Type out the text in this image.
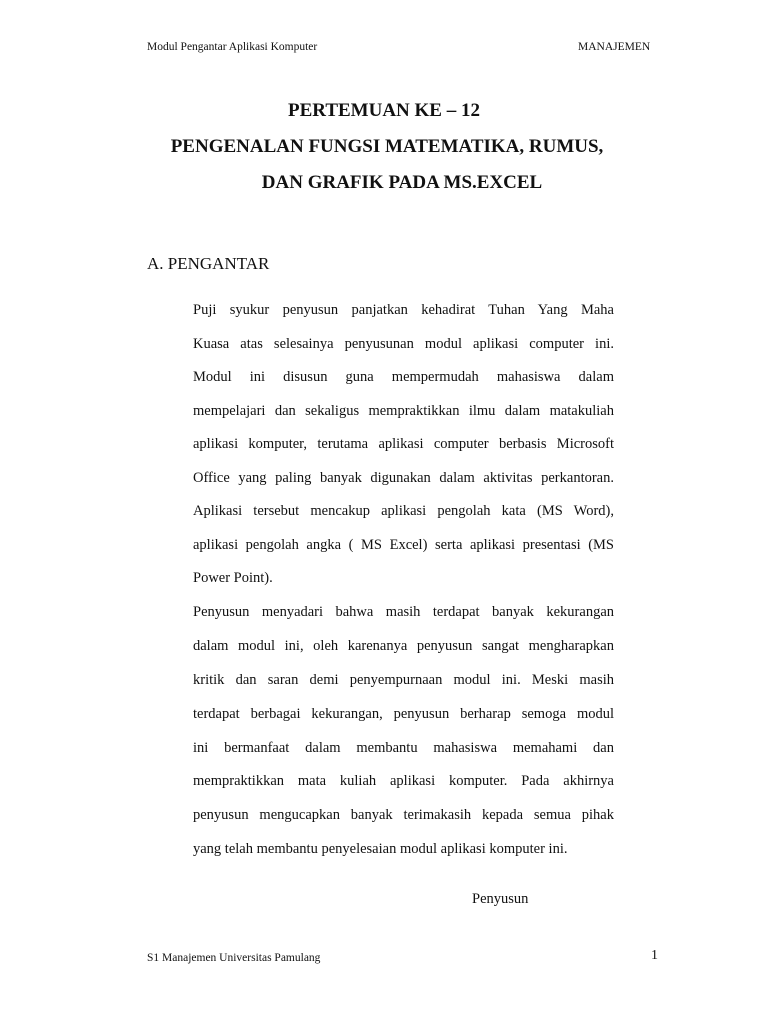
Modul Pengantar Aplikasi Komputer	MANAJEMEN
PERTEMUAN KE – 12
PENGENALAN FUNGSI MATEMATIKA, RUMUS,
DAN GRAFIK PADA MS.EXCEL
A. PENGANTAR
Puji syukur penyusun panjatkan kehadirat Tuhan Yang Maha
Kuasa atas selesainya penyusunan modul aplikasi computer ini.
Modul ini disusun guna mempermudah mahasiswa dalam
mempelajari dan sekaligus mempraktikkan ilmu dalam matakuliah
aplikasi komputer, terutama aplikasi computer berbasis Microsoft
Office yang paling banyak digunakan dalam aktivitas perkantoran.
Aplikasi tersebut mencakup aplikasi pengolah kata (MS Word),
aplikasi pengolah angka ( MS Excel) serta aplikasi presentasi (MS
Power Point).
Penyusun menyadari bahwa masih terdapat banyak kekurangan
dalam modul ini, oleh karenanya penyusun sangat mengharapkan
kritik dan saran demi penyempurnaan modul ini. Meski masih
terdapat berbagai kekurangan, penyusun berharap semoga modul
ini bermanfaat dalam membantu mahasiswa memahami dan
mempraktikkan mata kuliah aplikasi komputer. Pada akhirnya
penyusun mengucapkan banyak terimakasih kepada semua pihak
yang telah membantu penyelesaian modul aplikasi komputer ini.
Penyusun
S1 Manajemen Universitas Pamulang	1
